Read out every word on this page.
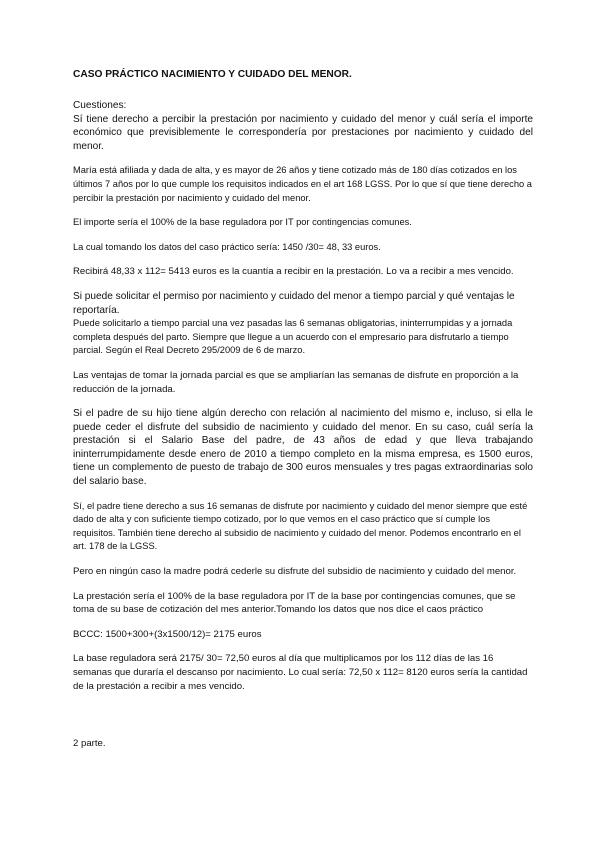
CASO PRÁCTICO NACIMIENTO Y CUIDADO DEL MENOR.

Cuestiones:
Sí tiene derecho a percibir la prestación por nacimiento y cuidado del menor y cuál sería el importe económico que previsiblemente le correspondería por prestaciones por nacimiento y cuidado del menor.

María está afiliada y dada de alta, y es mayor de 26 años y tiene cotizado más de 180 días cotizados en los últimos 7 años por lo que cumple los requisitos indicados en el art 168 LGSS. Por lo que sí que tiene derecho a percibir la prestación por nacimiento y cuidado del menor.

El importe sería el 100% de la base reguladora por IT por contingencias comunes.

La cual tomando los datos del caso práctico sería: 1450 /30= 48, 33 euros.

Recibirá 48,33 x 112= 5413 euros es la cuantía a recibir en la prestación. Lo va a recibir a mes vencido.

Si puede solicitar el permiso por nacimiento y cuidado del menor a tiempo parcial y qué ventajas le reportaría.

Puede solicitarlo a tiempo parcial una vez pasadas las 6 semanas obligatorias, ininterrumpidas y a jornada completa después del parto. Siempre que llegue a un acuerdo con el empresario para disfrutarlo a tiempo parcial. Según el Real Decreto 295/2009 de 6 de marzo.

Las ventajas de tomar la jornada parcial es que se ampliarían las semanas de disfrute en proporción a la reducción de la jornada.

Si el padre de su hijo tiene algún derecho con relación al nacimiento del mismo e, incluso, si ella le puede ceder el disfrute del subsidio de nacimiento y cuidado del menor. En su caso, cuál sería la prestación si el Salario Base del padre, de 43 años de edad y que lleva trabajando ininterrumpidamente desde enero de 2010 a tiempo completo en la misma empresa, es 1500 euros, tiene un complemento de puesto de trabajo de 300 euros mensuales y tres pagas extraordinarias solo del salario base.

Sí, el padre tiene derecho a sus 16 semanas de disfrute por nacimiento y cuidado del menor siempre que esté dado de alta y con suficiente tiempo cotizado, por lo que vemos en el caso práctico que sí cumple los requisitos. También tiene derecho al subsidio de nacimiento y cuidado del menor. Podemos encontrarlo en el art. 178 de la LGSS.

Pero en ningún caso la madre podrá cederle su disfrute del subsidio de nacimiento y cuidado del menor.

La prestación sería el 100% de la base reguladora por IT de la base por contingencias comunes, que se toma de su base de cotización del mes anterior.Tomando los datos que nos dice el caos práctico

BCCC: 1500+300+(3x1500/12)= 2175 euros

La base reguladora será 2175/ 30= 72,50 euros al día que multiplicamos por los 112 días de las 16 semanas que duraría el descanso por nacimiento. Lo cual sería: 72,50 x 112= 8120 euros sería la cantidad de la prestación a recibir a mes vencido.

2 parte.
